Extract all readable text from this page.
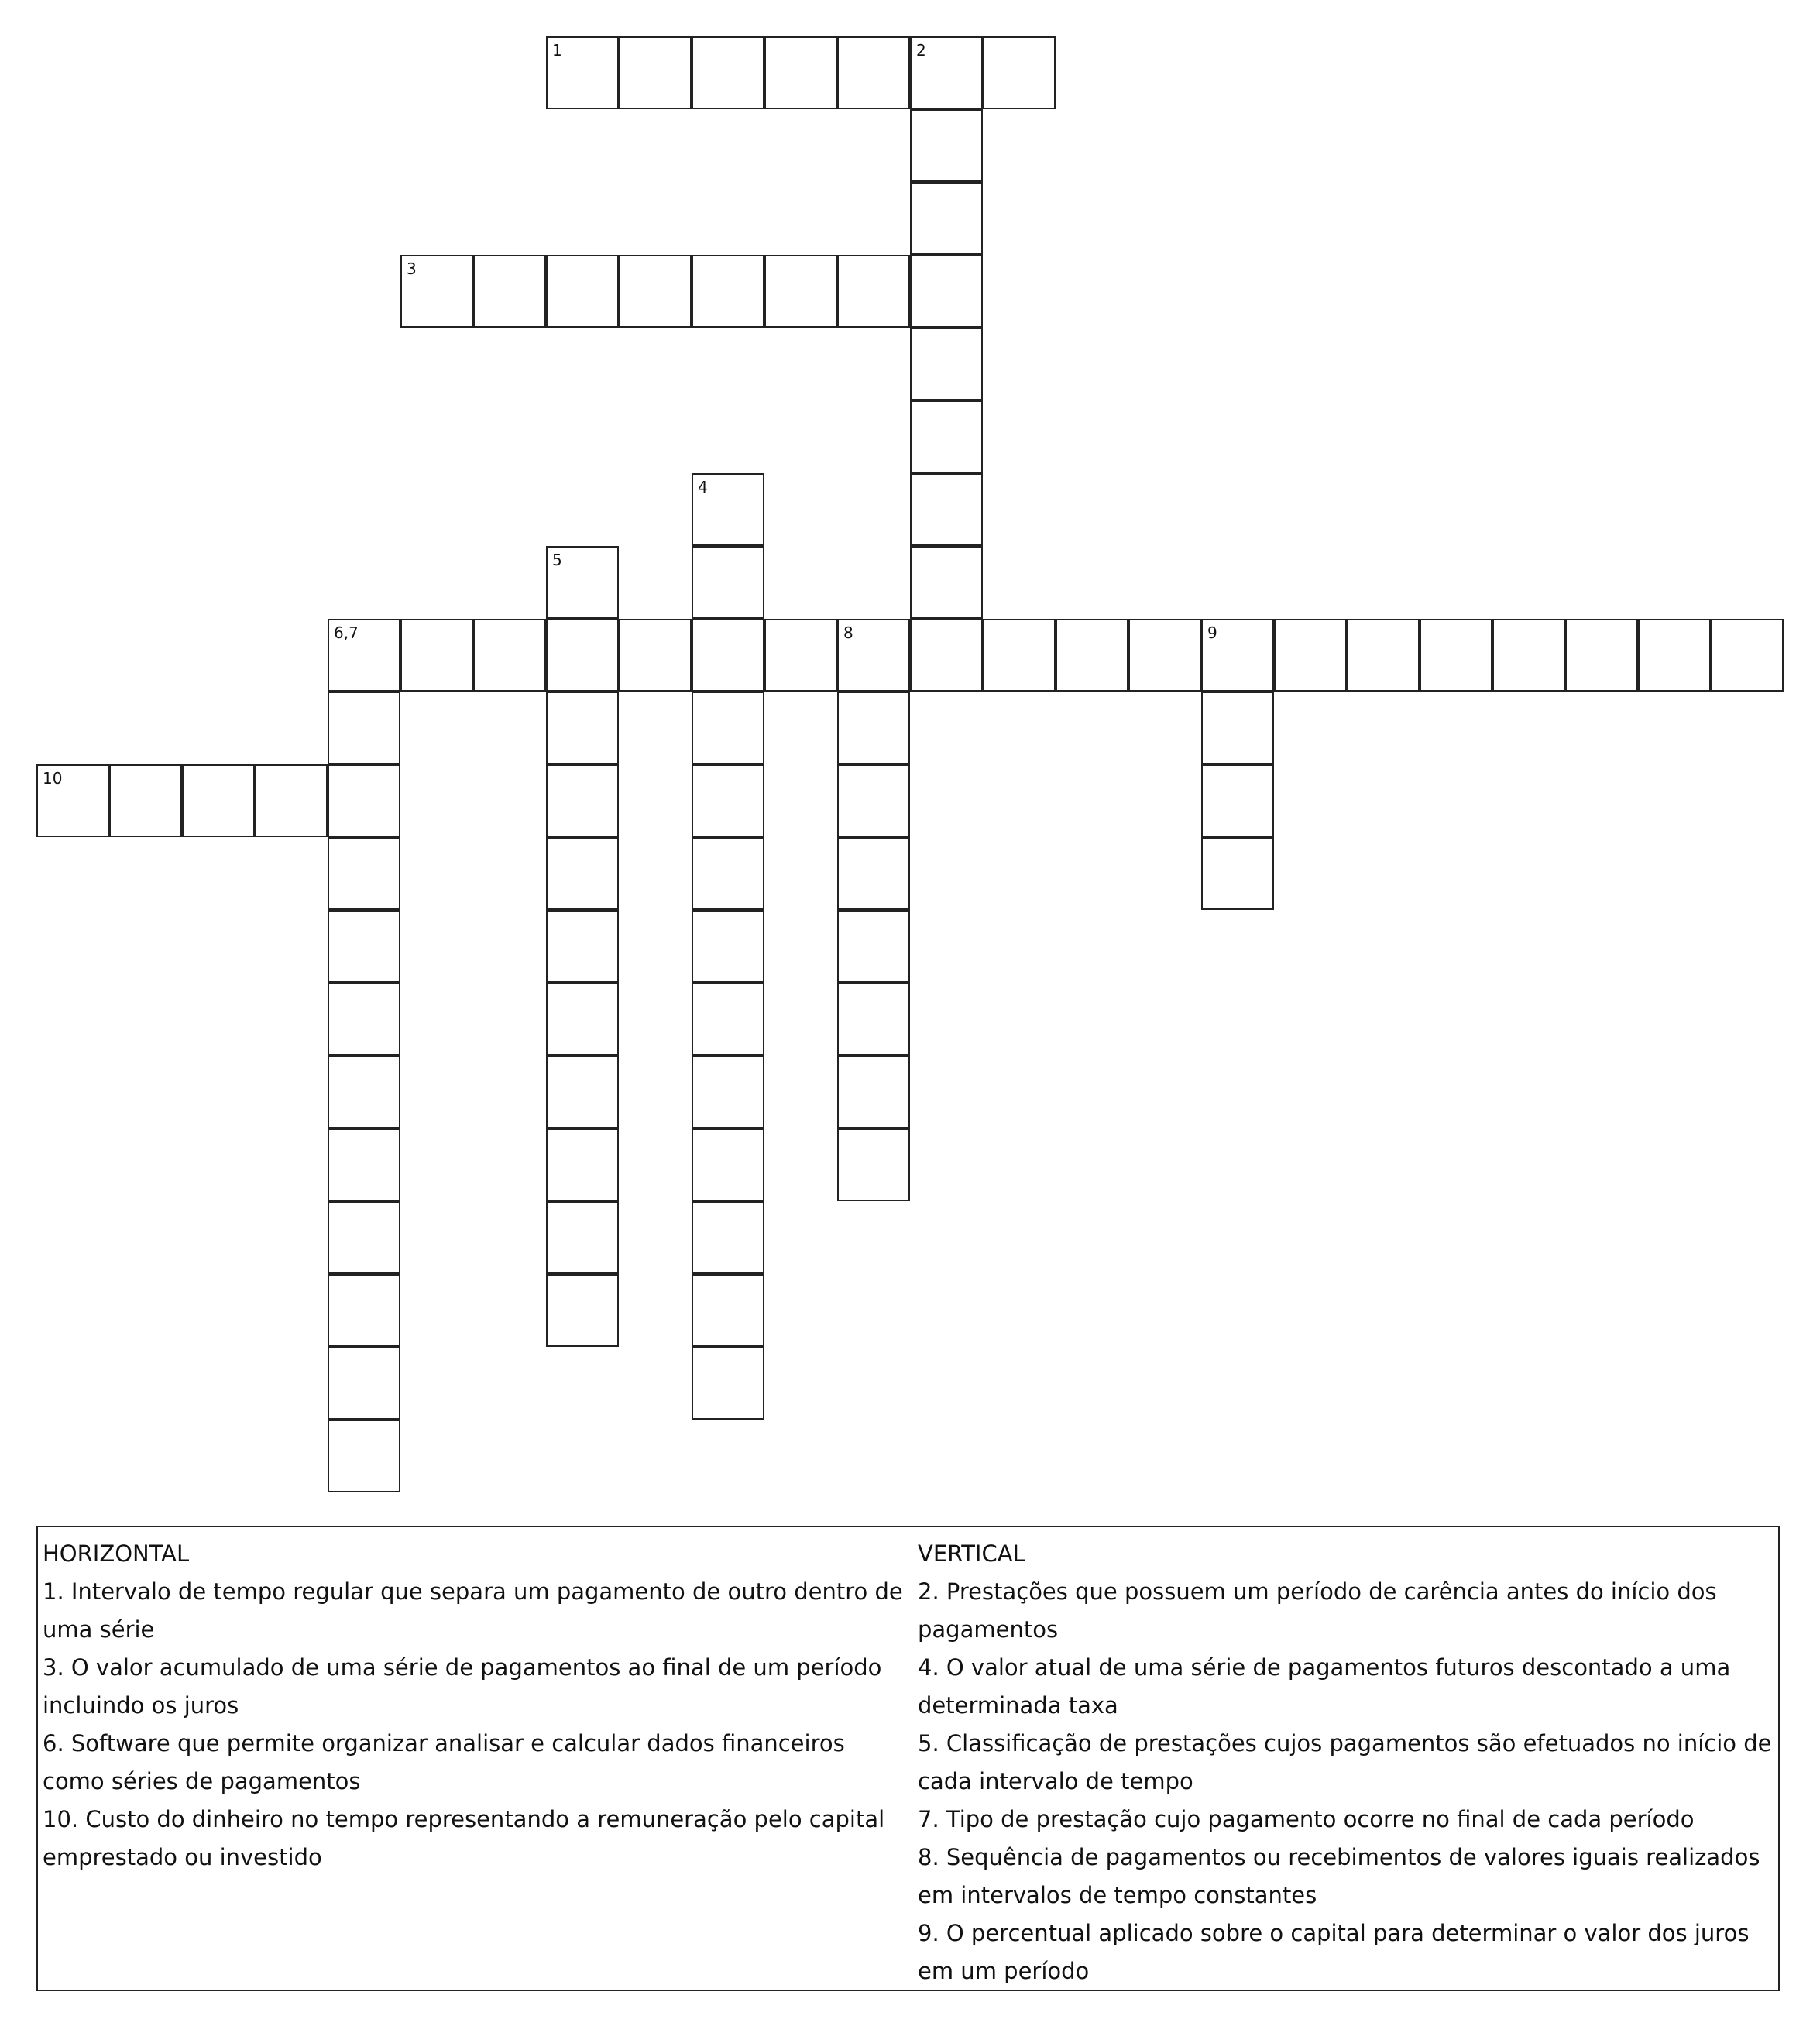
1	2
3
4
5
6,7	8	9
10

HORIZONTAL

1. Intervalo de tempo regular que separa um pagamento de outro dentro de uma série

3. O valor acumulado de uma série de pagamentos ao final de um período incluindo os juros

6. Software que permite organizar analisar e calcular dados financeiros como séries de pagamentos

10. Custo do dinheiro no tempo representando a remuneração pelo capital emprestado ou investido

VERTICAL

2. Prestações que possuem um período de carência antes do início dos pagamentos

4. O valor atual de uma série de pagamentos futuros descontado a uma determinada taxa

5. Classificação de prestações cujos pagamentos são efetuados no início de cada intervalo de tempo

7. Tipo de prestação cujo pagamento ocorre no final de cada período

8. Sequência de pagamentos ou recebimentos de valores iguais realizados em intervalos de tempo constantes

9. O percentual aplicado sobre o capital para determinar o valor dos juros em um período
